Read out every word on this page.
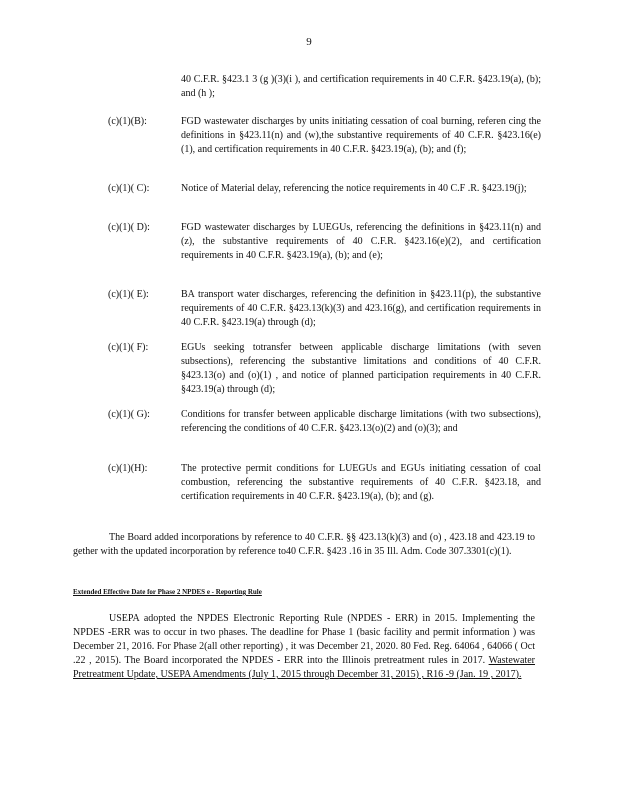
9
40 C.F.R. §423.1 3 (g )(3)(i ), and certification requirements in 40 C.F.R. §423.19(a), (b); and (h );
(c)(1)(B):	FGD wastewater discharges by units initiating cessation of coal burning, referen cing the definitions in §423.11(n) and (w),the substantive requirements of 40 C.F.R. §423.16(e)(1), and certification requirements in 40 C.F.R. §423.19(a), (b); and (f);
(c)(1)( C):	Notice of Material delay, referencing the notice requirements in 40 C.F .R. §423.19(j);
(c)(1)( D):	FGD wastewater discharges by LUEGUs, referencing the definitions in §423.11(n) and (z), the substantive requirements of 40 C.F.R. §423.16(e)(2), and certification requirements in 40 C.F.R. §423.19(a), (b); and (e);
(c)(1)( E):	BA transport water discharges, referencing the definition in §423.11(p), the substantive requirements of 40 C.F.R. §423.13(k)(3) and 423.16(g), and certification requirements in 40 C.F.R. §423.19(a) through (d);
(c)(1)( F):	EGUs seeking totransfer between applicable discharge limitations (with seven subsections), referencing the substantive limitations and conditions of 40 C.F.R. §423.13(o) and (o)(1) , and notice of planned participation requirements in 40 C.F.R. §423.19(a) through (d);
(c)(1)( G):	Conditions for transfer between applicable discharge limitations (with two subsections), referencing the conditions of 40 C.F.R. §423.13(o)(2) and (o)(3); and
(c)(1)(H):	The protective permit conditions for LUEGUs and EGUs initiating cessation of coal combustion, referencing the substantive requirements of 40 C.F.R. §423.18, and certification requirements in 40 C.F.R. §423.19(a), (b); and (g).
The Board added incorporations by reference to 40 C.F.R. §§ 423.13(k)(3) and (o) , 423.18 and 423.19 to gether with the updated incorporation by reference to40 C.F.R. §423 .16 in 35 Ill. Adm. Code 307.3301(c)(1).
Extended Effective Date for Phase 2 NPDES e - Reporting Rule
USEPA adopted the NPDES Electronic Reporting Rule (NPDES - ERR) in 2015. Implementing the NPDES -ERR was to occur in two phases. The deadline for Phase 1 (basic facility and permit information ) was December 21, 2016. For Phase 2(all other reporting) , it was December 21, 2020. 80 Fed. Reg. 64064 , 64066 ( Oct .22 , 2015). The Board incorporated the NPDES - ERR into the Illinois pretreatment rules in 2017. Wastewater Pretreatment Update, USEPA Amendments (July 1, 2015 through December 31, 2015) , R16 -9 (Jan. 19 , 2017).
